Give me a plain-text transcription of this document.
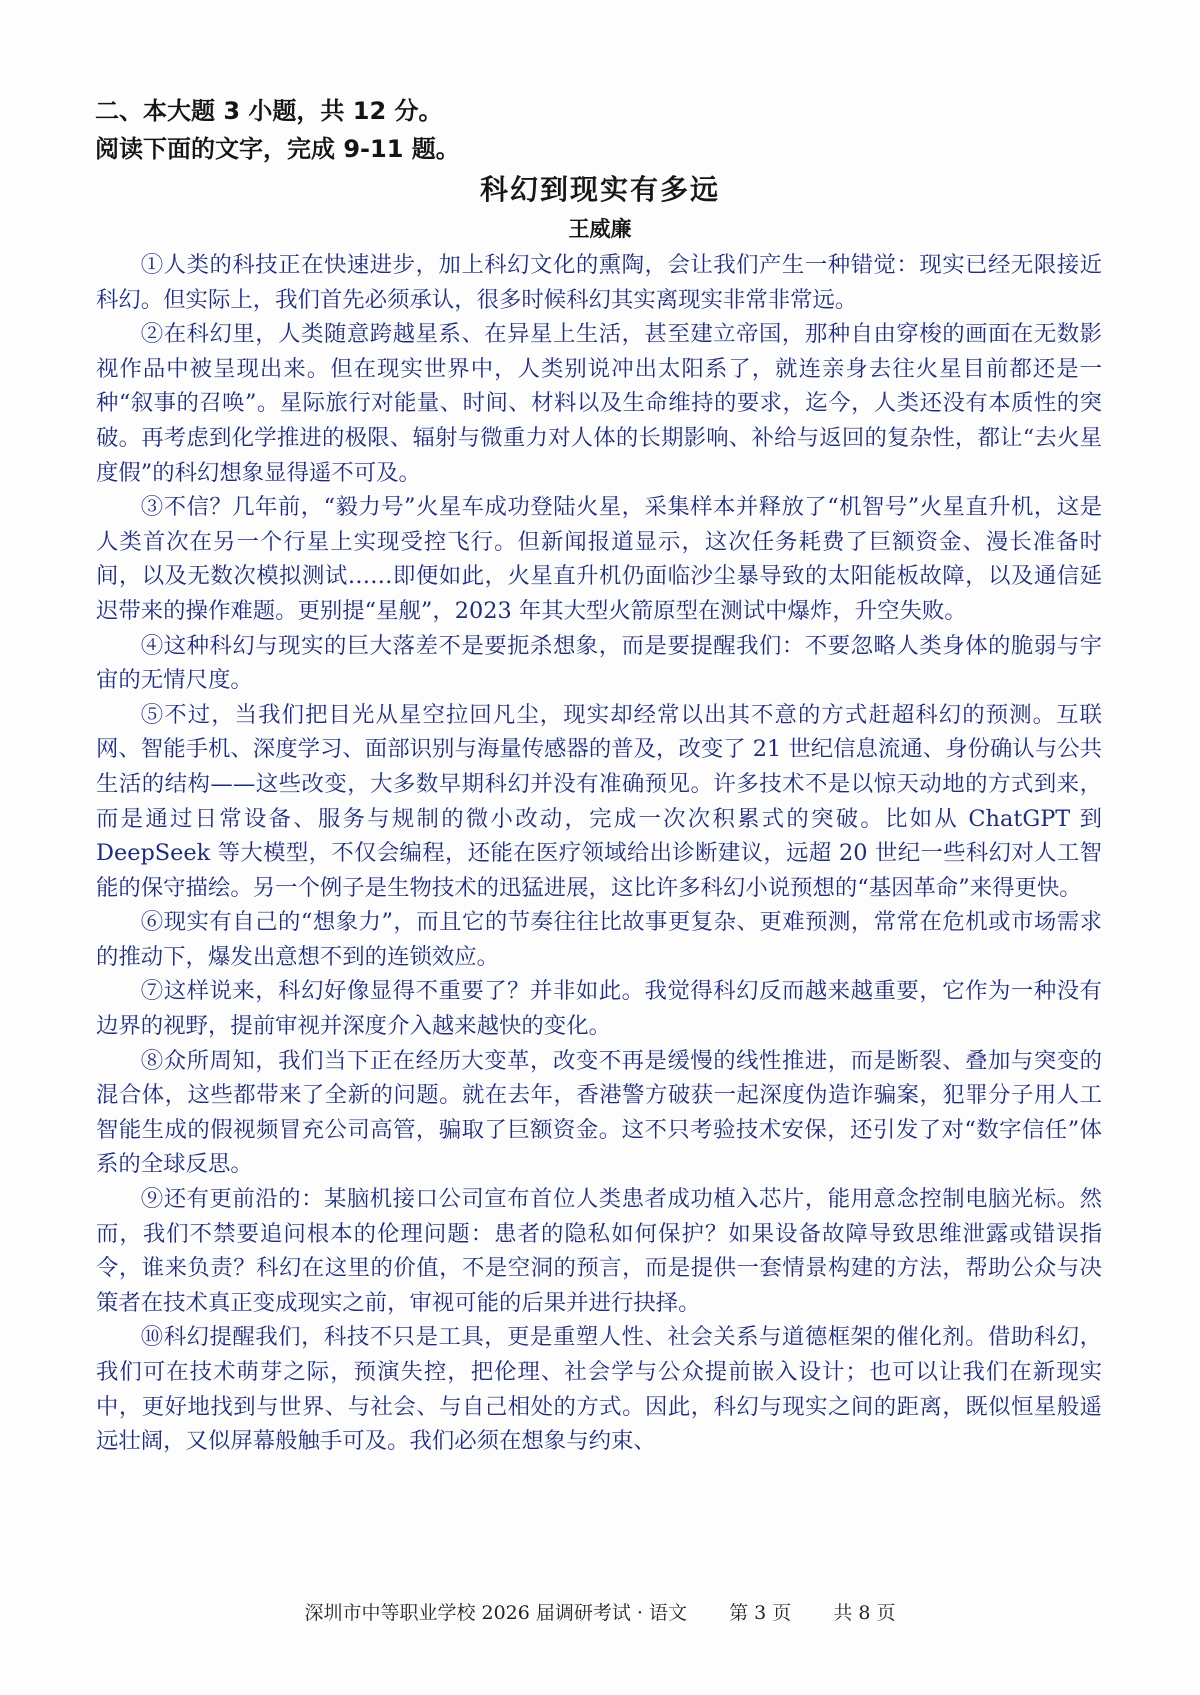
二、本大题 3 小题，共 12 分。
阅读下面的文字，完成 9-11 题。
科幻到现实有多远
王威廉

①人类的科技正在快速进步，加上科幻文化的熏陶，会让我们产生一种错觉：现实已经无限接近科幻。但实际上，我们首先必须承认，很多时候科幻其实离现实非常非常远。

②在科幻里，人类随意跨越星系、在异星上生活，甚至建立帝国，那种自由穿梭的画面在无数影视作品中被呈现出来。但在现实世界中，人类别说冲出太阳系了，就连亲身去往火星目前都还是一种“叙事的召唤”。星际旅行对能量、时间、材料以及生命维持的要求，迄今，人类还没有本质性的突破。再考虑到化学推进的极限、辐射与微重力对人体的长期影响、补给与返回的复杂性，都让“去火星度假”的科幻想象显得遥不可及。

③不信？几年前，“毅力号”火星车成功登陆火星，采集样本并释放了“机智号”火星直升机，这是人类首次在另一个行星上实现受控飞行。但新闻报道显示，这次任务耗费了巨额资金、漫长准备时间，以及无数次模拟测试……即便如此，火星直升机仍面临沙尘暴导致的太阳能板故障，以及通信延迟带来的操作难题。更别提“星舰”，2023 年其大型火箭原型在测试中爆炸，升空失败。

④这种科幻与现实的巨大落差不是要扼杀想象，而是要提醒我们：不要忽略人类身体的脆弱与宇宙的无情尺度。

⑤不过，当我们把目光从星空拉回凡尘，现实却经常以出其不意的方式赶超科幻的预测。互联网、智能手机、深度学习、面部识别与海量传感器的普及，改变了 21 世纪信息流通、身份确认与公共生活的结构——这些改变，大多数早期科幻并没有准确预见。许多技术不是以惊天动地的方式到来，而是通过日常设备、服务与规制的微小改动，完成一次次积累式的突破。比如从 ChatGPT 到 DeepSeek 等大模型，不仅会编程，还能在医疗领域给出诊断建议，远超 20 世纪一些科幻对人工智能的保守描绘。另一个例子是生物技术的迅猛进展，这比许多科幻小说预想的“基因革命”来得更快。

⑥现实有自己的“想象力”，而且它的节奏往往比故事更复杂、更难预测，常常在危机或市场需求的推动下，爆发出意想不到的连锁效应。

⑦这样说来，科幻好像显得不重要了？并非如此。我觉得科幻反而越来越重要，它作为一种没有边界的视野，提前审视并深度介入越来越快的变化。

⑧众所周知，我们当下正在经历大变革，改变不再是缓慢的线性推进，而是断裂、叠加与突变的混合体，这些都带来了全新的问题。就在去年，香港警方破获一起深度伪造诈骗案，犯罪分子用人工智能生成的假视频冒充公司高管，骗取了巨额资金。这不只考验技术安保，还引发了对“数字信任”体系的全球反思。

⑨还有更前沿的：某脑机接口公司宣布首位人类患者成功植入芯片，能用意念控制电脑光标。然而，我们不禁要追问根本的伦理问题：患者的隐私如何保护？如果设备故障导致思维泄露或错误指令，谁来负责？科幻在这里的价值，不是空洞的预言，而是提供一套情景构建的方法，帮助公众与决策者在技术真正变成现实之前，审视可能的后果并进行抉择。

⑩科幻提醒我们，科技不只是工具，更是重塑人性、社会关系与道德框架的催化剂。借助科幻，我们可在技术萌芽之际，预演失控，把伦理、社会学与公众提前嵌入设计；也可以让我们在新现实中，更好地找到与世界、与社会、与自己相处的方式。因此，科幻与现实之间的距离，既似恒星般遥远壮阔，又似屏幕般触手可及。我们必须在想象与约束、

深圳市中等职业学校 2026 届调研考试 · 语文 第 3 页 共 8 页
